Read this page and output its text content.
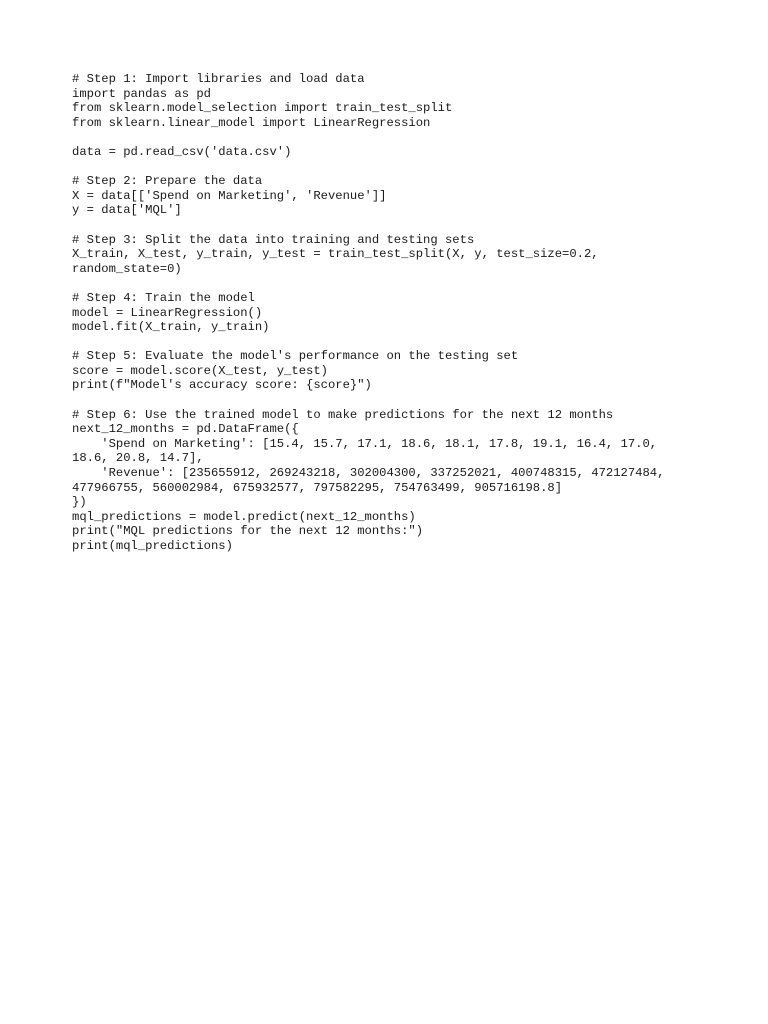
# Step 1: Import libraries and load data
import pandas as pd
from sklearn.model_selection import train_test_split
from sklearn.linear_model import LinearRegression
data = pd.read_csv('data.csv')
# Step 2: Prepare the data
X = data[['Spend on Marketing', 'Revenue']]
y = data['MQL']
# Step 3: Split the data into training and testing sets
X_train, X_test, y_train, y_test = train_test_split(X, y, test_size=0.2,
random_state=0)
# Step 4: Train the model
model = LinearRegression()
model.fit(X_train, y_train)
# Step 5: Evaluate the model's performance on the testing set
score = model.score(X_test, y_test)
print(f"Model's accuracy score: {score}")
# Step 6: Use the trained model to make predictions for the next 12 months
next_12_months = pd.DataFrame({
'Spend on Marketing': [15.4, 15.7, 17.1, 18.6, 18.1, 17.8, 19.1, 16.4, 17.0,
18.6, 20.8, 14.7],
'Revenue': [235655912, 269243218, 302004300, 337252021, 400748315, 472127484,
477966755, 560002984, 675932577, 797582295, 754763499, 905716198.8]
})
mql_predictions = model.predict(next_12_months)
print("MQL predictions for the next 12 months:")
print(mql_predictions)
